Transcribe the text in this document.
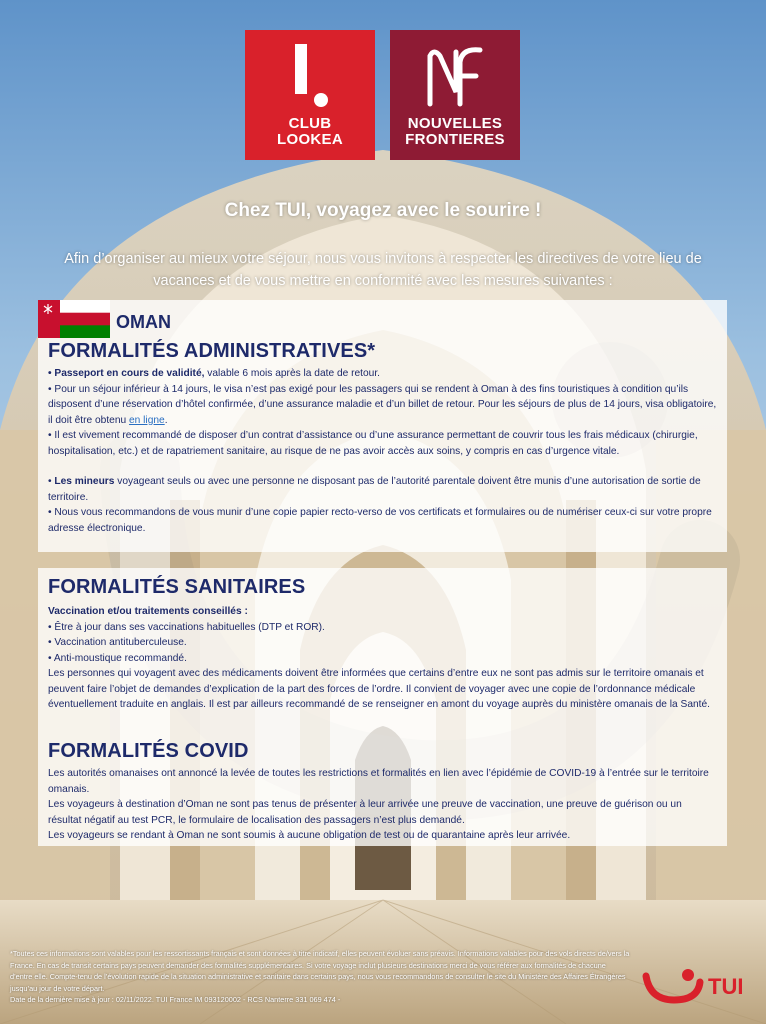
CLUB
LOOKEA
NOUVELLES
FRONTIERES
Chez TUI, voyagez avec le sourire !
Afin d’organiser au mieux votre séjour, nous vous invitons à respecter les directives de votre lieu de vacances et de vous mettre en conformité avec les mesures suivantes :
OMAN
FORMALITÉS ADMINISTRATIVES*

• Passeport en cours de validité, valable 6 mois après la date de retour.

• Pour un séjour inférieur à 14 jours, le visa n’est pas exigé pour les passagers qui se rendent à Oman à des fins touristiques à condition qu’ils disposent d’une réservation d’hôtel confirmée, d’une assurance maladie et d’un billet de retour. Pour les séjours de plus de 14 jours, visa obligatoire, il doit être obtenu en ligne.

• Il est vivement recommandé de disposer d’un contrat d’assistance ou d’une assurance permettant de couvrir tous les frais médicaux (chirurgie, hospitalisation, etc.) et de rapatriement sanitaire, au risque de ne pas avoir accès aux soins, y compris en cas d’urgence vitale.

• Les mineurs voyageant seuls ou avec une personne ne disposant pas de l’autorité parentale doivent être munis d’une autorisation de sortie de territoire.

• Nous vous recommandons de vous munir d’une copie papier recto-verso de vos certificats et formulaires ou de numériser ceux-ci sur votre propre adresse électronique.

FORMALITÉS SANITAIRES

Vaccination et/ou traitements conseillés :

• Être à jour dans ses vaccinations habituelles (DTP et ROR).

• Vaccination antituberculeuse.

• Anti-moustique recommandé.

Les personnes qui voyagent avec des médicaments doivent être informées que certains d’entre eux ne sont pas admis sur le territoire omanais et peuvent faire l’objet de demandes d’explication de la part des forces de l’ordre. Il convient de voyager avec une copie de l’ordonnance médicale éventuellement traduite en anglais. Il est par ailleurs recommandé de se renseigner en amont du voyage auprès du ministère omanais de la Santé.

FORMALITÉS COVID

Les autorités omanaises ont annoncé la levée de toutes les restrictions et formalités en lien avec l’épidémie de COVID-19 à l’entrée sur le territoire omanais.

Les voyageurs à destination d’Oman ne sont pas tenus de présenter à leur arrivée une preuve de vaccination, une preuve de guérison ou un résultat négatif au test PCR, le formulaire de localisation des passagers n’est plus demandé.

Les voyageurs se rendant à Oman ne sont soumis à aucune obligation de test ou de quarantaine après leur arrivée.

*Toutes ces informations sont valables pour les ressortissants français et sont données à titre indicatif, elles peuvent évoluer sans préavis. Informations valables pour des vols directs de/vers la France. En cas de transit certains pays peuvent demander des formalités supplémentaires. Si votre voyage inclut plusieurs destinations merci de vous référer aux formalités de chacune d’entre elle. Compte-tenu de l’évolution rapide de la situation administrative et sanitaire dans certains pays, nous vous recommandons de consulter le site du Ministère des Affaires Étrangères jusqu’au jour de votre départ.

Date de la dernière mise à jour : 02/11/2022. TUI France IM 093120002 - RCS Nanterre 331 069 474 -

TUI
